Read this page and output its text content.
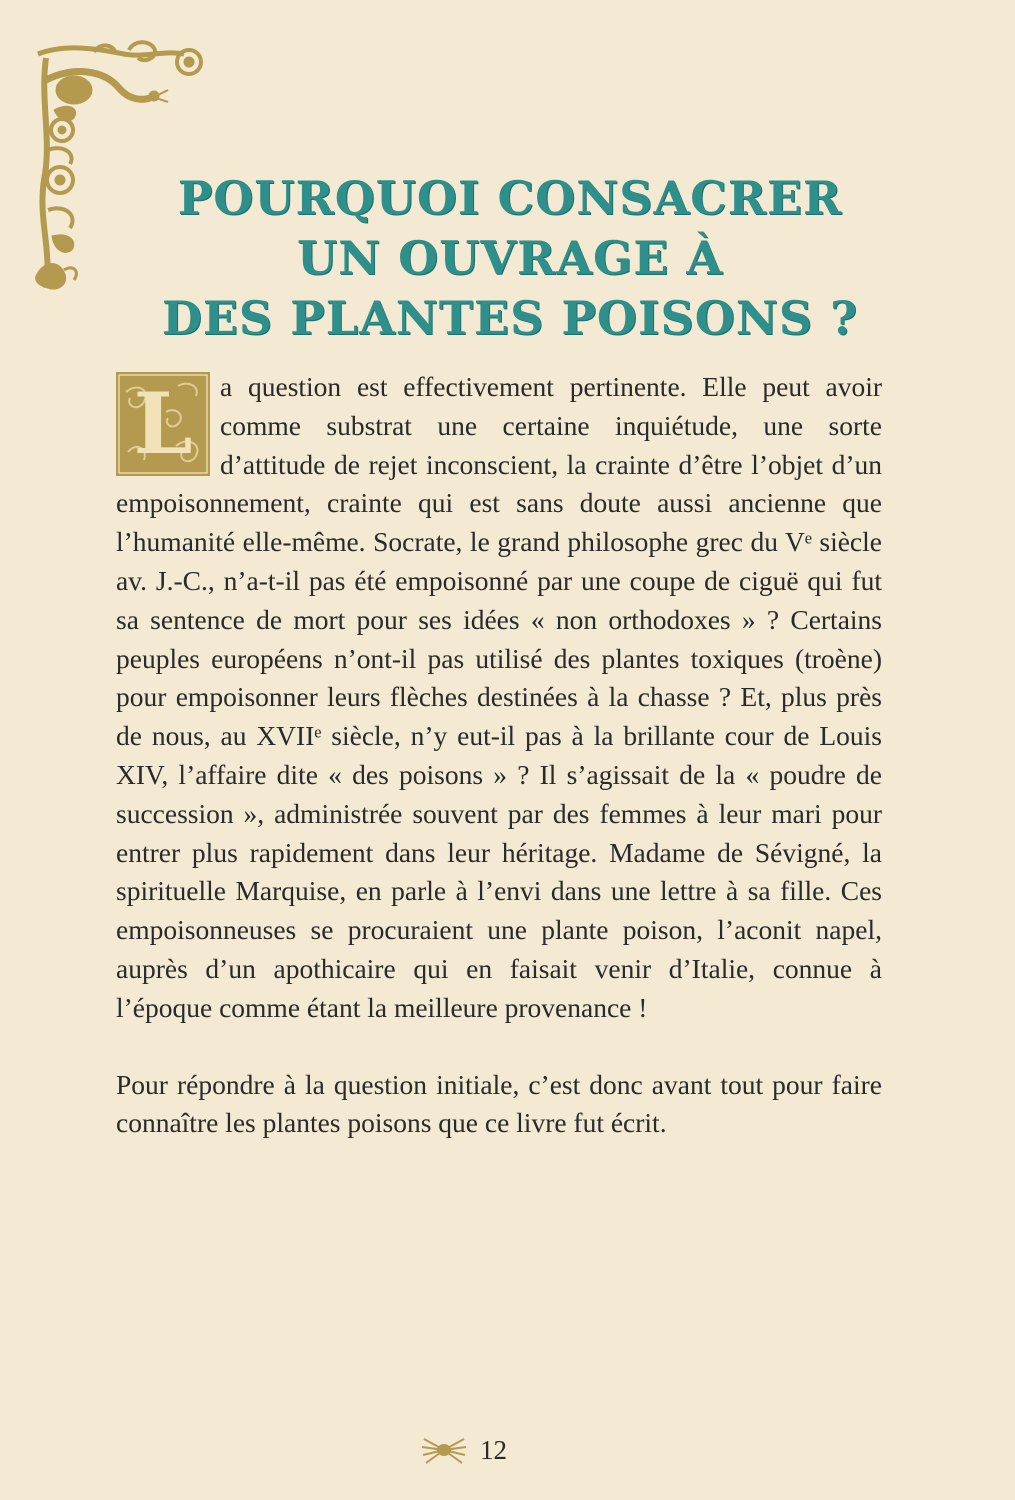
POURQUOI CONSACRER
UN OUVRAGE À
DES PLANTES POISONS ?

L a question est effectivement pertinente. Elle peut avoir comme substrat une certaine inquiétude, une sorte d’attitude de rejet inconscient, la crainte d’être l’objet d’un empoisonnement, crainte qui est sans doute aussi ancienne que l’humanité elle-même. Socrate, le grand philosophe grec du Vᵉ siècle av. J.-C., n’a-t-il pas été empoisonné par une coupe de ciguë qui fut sa sentence de mort pour ses idées « non orthodoxes » ? Certains peuples européens n’ont-il pas utilisé des plantes toxiques (troène) pour empoisonner leurs flèches destinées à la chasse ? Et, plus près de nous, au XVIIᵉ siècle, n’y eut-il pas à la brillante cour de Louis XIV, l’affaire dite « des poisons » ? Il s’agissait de la « poudre de succession », administrée souvent par des femmes à leur mari pour entrer plus rapidement dans leur héritage. Madame de Sévigné, la spirituelle Marquise, en parle à l’envi dans une lettre à sa fille. Ces empoisonneuses se procuraient une plante poison, l’aconit napel, auprès d’un apothicaire qui en faisait venir d’Italie, connue à l’époque comme étant la meilleure provenance !

Pour répondre à la question initiale, c’est donc avant tout pour faire connaître les plantes poisons que ce livre fut écrit.

12
